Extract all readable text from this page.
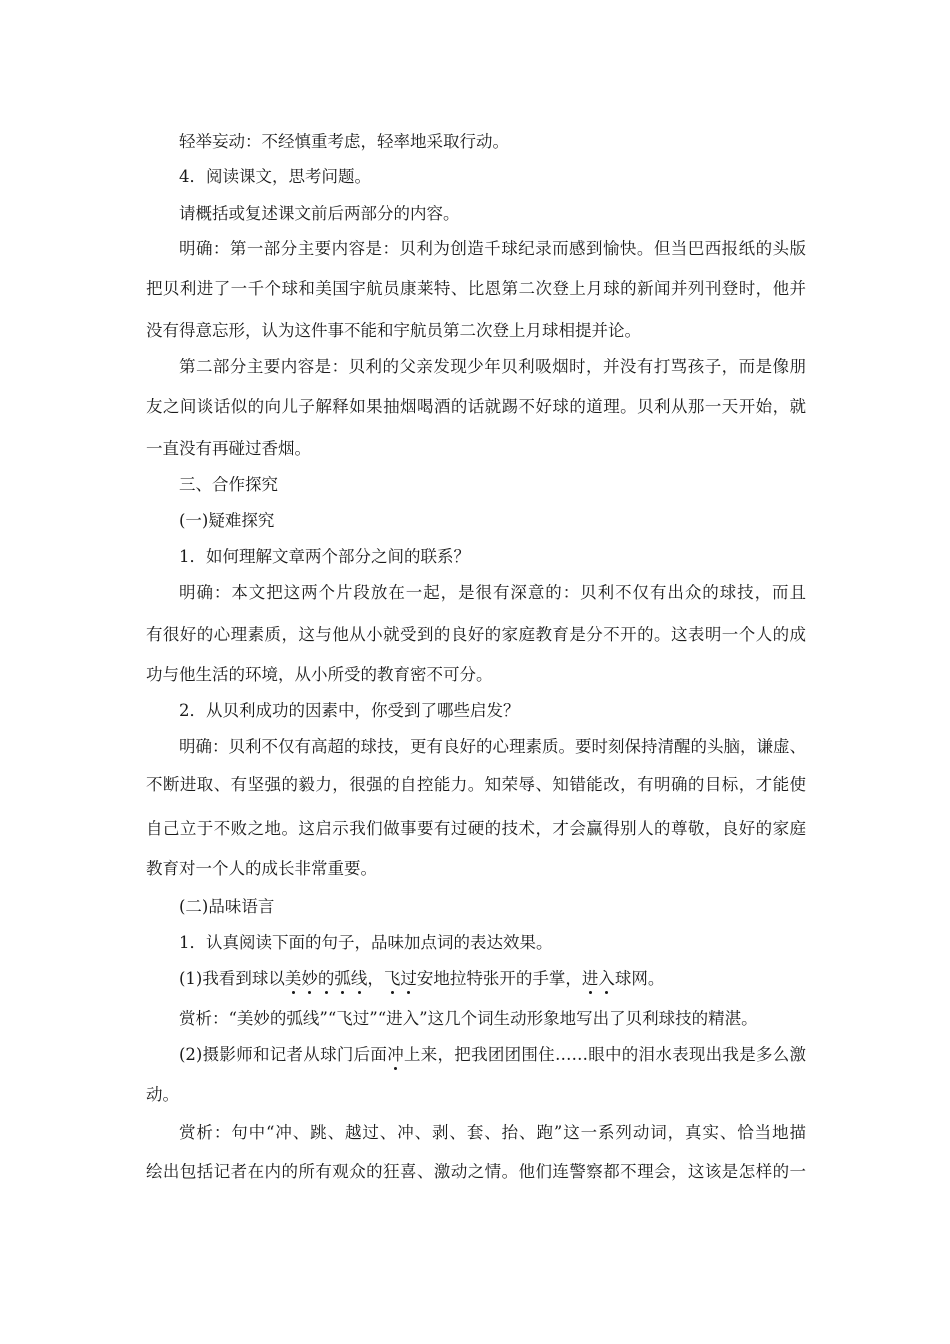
轻举妄动：不经慎重考虑，轻率地采取行动。
4．阅读课文，思考问题。
请概括或复述课文前后两部分的内容。
明确：第一部分主要内容是：贝利为创造千球纪录而感到愉快。但当巴西报纸的头版
把贝利进了一千个球和美国宇航员康莱特、比恩第二次登上月球的新闻并列刊登时，他并
没有得意忘形，认为这件事不能和宇航员第二次登上月球相提并论。
第二部分主要内容是：贝利的父亲发现少年贝利吸烟时，并没有打骂孩子，而是像朋
友之间谈话似的向儿子解释如果抽烟喝酒的话就踢不好球的道理。贝利从那一天开始，就
一直没有再碰过香烟。
三、合作探究
(一)疑难探究
1．如何理解文章两个部分之间的联系？
明确：本文把这两个片段放在一起，是很有深意的：贝利不仅有出众的球技，而且
有很好的心理素质，这与他从小就受到的良好的家庭教育是分不开的。这表明一个人的成
功与他生活的环境，从小所受的教育密不可分。
2．从贝利成功的因素中，你受到了哪些启发？
明确：贝利不仅有高超的球技，更有良好的心理素质。要时刻保持清醒的头脑，谦虚、
不断进取、有坚强的毅力，很强的自控能力。知荣辱、知错能改，有明确的目标，才能使
自己立于不败之地。这启示我们做事要有过硬的技术，才会赢得别人的尊敬，良好的家庭
教育对一个人的成长非常重要。
(二)品味语言
1．认真阅读下面的句子，品味加点词的表达效果。
(1)我看到球以美妙的弧线，飞过安地拉特张开的手掌，进入球网。
赏析：“美妙的弧线”“飞过”“进入”这几个词生动形象地写出了贝利球技的精湛。
(2)摄影师和记者从球门后面冲上来，把我团团围住……眼中的泪水表现出我是多么激
动。
赏析：句中“冲、跳、越过、冲、剥、套、抬、跑”这一系列动词，真实、恰当地描
绘出包括记者在内的所有观众的狂喜、激动之情。他们连警察都不理会，这该是怎样的一
